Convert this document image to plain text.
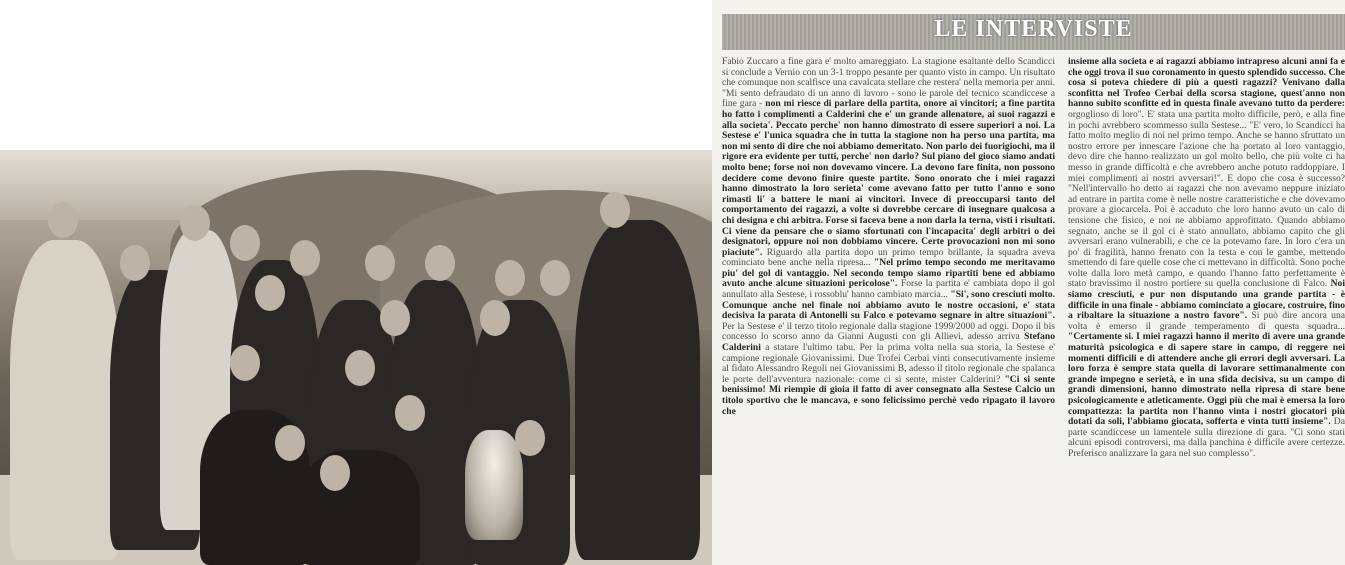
LE INTERVISTE

Fabio Zuccaro a fine gara e' molto amareggiato. La stagione esaltante dello Scandicci si conclude a Vernio con un 3-1 troppo pesante per quanto visto in campo. Un risultato che comunque non scalfisce una cavalcata stellare che restera' nella memoria per anni. "Mi sento defraudato di un anno di lavoro - sono le parole del tecnico scandiccese a fine gara - non mi riesce di parlare della partita, onore ai vincitori; a fine partita ho fatto i complimenti a Calderini che e' un grande allenatore, ai suoi ragazzi e alla societa'. Peccato perche' non hanno dimostrato di essere superiori a noi. La Sestese e' l'unica squadra che in tutta la stagione non ha perso una partita, ma non mi sento di dire che noi abbiamo demeritato. Non parlo dei fuorigiochi, ma il rigore era evidente per tutti, perche' non darlo? Sul piano del gioco siamo andati molto bene; forse noi non dovevamo vincere. La devono fare finita, non possono decidere come devono finire queste partite. Sono onorato che i miei ragazzi hanno dimostrato la loro serieta' come avevano fatto per tutto l'anno e sono rimasti li' a battere le mani ai vincitori. Invece di preoccuparsi tanto del comportamento dei ragazzi, a volte si dovrebbe cercare di insegnare qualcosa a chi designa e chi arbitra. Forse si faceva bene a non darla la terna, visti i risultati. Ci viene da pensare che o siamo sfortunati con l'incapacita' degli arbitri o dei designatori, oppure noi non dobbiamo vincere. Certe provocazioni non mi sono piaciute". Riguardo alla partita dopo un primo tempo brillante, la squadra aveva cominciato bene anche nella ripresa... "Nel primo tempo secondo me meritavamo piu' del gol di vantaggio. Nel secondo tempo siamo ripartiti bene ed abbiamo avuto anche alcune situazioni pericolose". Forse la partita e' cambiata dopo il gol annullato alla Sestese, i rossoblu' hanno cambiato marcia... "Si', sono cresciuti molto. Comunque anche nel finale noi abbiamo avuto le nostre occasioni, e' stata decisiva la parata di Antonelli su Falco e potevamo segnare in altre situazioni". Per la Sestese e' il terzo titolo regionale dalla stagione 1999/2000 ad oggi. Dopo il bis concesso lo scorso anno da Gianni Augusti con gli Allievi, adesso arriva Stefano Calderini a statare l'ultimo tabu. Per la prima volta nella sua storia, la Sestese e' campione regionale Giovanissimi. Due Trofei Cerbai vinti consecutivamente insieme al fidato Alessandro Regoli nei Giovanissimi B, adesso il titolo regionale che spalanca le porte dell'avventura nazionale: come ci si sente, mister Calderini? "Ci si sente benissimo! Mi riempie di gioia il fatto di aver consegnato alla Sestese Calcio un titolo sportivo che le mancava, e sono felicissimo perchè vedo ripagato il lavoro che

insieme alla societa e ai ragazzi abbiamo intrapreso alcuni anni fa e che oggi trova il suo coronamento in questo splendido successo. Che cosa si poteva chiedere di più a questi ragazzi? Venivano dalla sconfitta nel Trofeo Cerbai della scorsa stagione, quest'anno non hanno subito sconfitte ed in questa finale avevano tutto da perdere: orgoglioso di loro". E' stata una partita molto difficile, però, e alla fine in pochi avrebbero scommesso sulla Sestese... "E' vero, lo Scandicci ha fatto molto meglio di noi nel primo tempo. Anche se hanno sfruttato un nostro errore per innescare l'azione che ha portato al loro vantaggio, devo dire che hanno realizzato un gol molto bello, che più volte ci ha messo in grande difficoltà e che avrebbero anche potuto raddoppiare. I miei complimenti ai nostri avversari!". E dopo che cosa è successo? "Nell'intervallo ho detto ai ragazzi che non avevamo neppure iniziato ad entrare in partita come è nelle nostre caratteristiche e che dovevamo provare a giocarcela. Poi è accaduto che loro hanno avuto un calo di tensione che fisico, e noi ne abbiamo approfittato. Quando abbiamo segnato, anche se il gol ci è stato annullato, abbiamo capito che gli avversari erano vulnerabili, e che ce la potevamo fare. In loro c'era un po' di fragilità, hanno frenato con la testa e con le gambe, mettendo smettendo di fare quelle cose che ci mettevano in difficoltà. Sono poche volte dalla loro metà campo, e quando l'hanno fatto perfettamente è stato bravissimo il nostro portiere su quella conclusione di Falco. Noi siamo cresciuti, e pur non disputando una grande partita - è difficile in una finale - abbiamo cominciato a giocare, costruire, fino a ribaltare la situazione a nostro favore". Si può dire ancora una volta è emerso il grande temperamento di questa squadra... "Certamente si. I miei ragazzi hanno il merito di avere una grande maturità psicologica e di sapere stare in campo, di reggere nei momenti difficili e di attendere anche gli errori degli avversari. La loro forza è sempre stata quella di lavorare settimanalmente con grande impegno e serietà, e in una sfida decisiva, su un campo di grandi dimensioni, hanno dimostrato nella ripresa di stare bene psicologicamente e atleticamente. Oggi più che mai è emersa la loro compattezza: la partita non l'hanno vinta i nostri giocatori più dotati da soli, l'abbiamo giocata, sofferta e vinta tutti insieme". Da parte scandiccese un lamentele sulla direzione di gara. "Ci sono stati alcuni episodi controversi, ma dalla panchina è difficile avere certezze. Preferisco analizzare la gara nel suo complesso".
